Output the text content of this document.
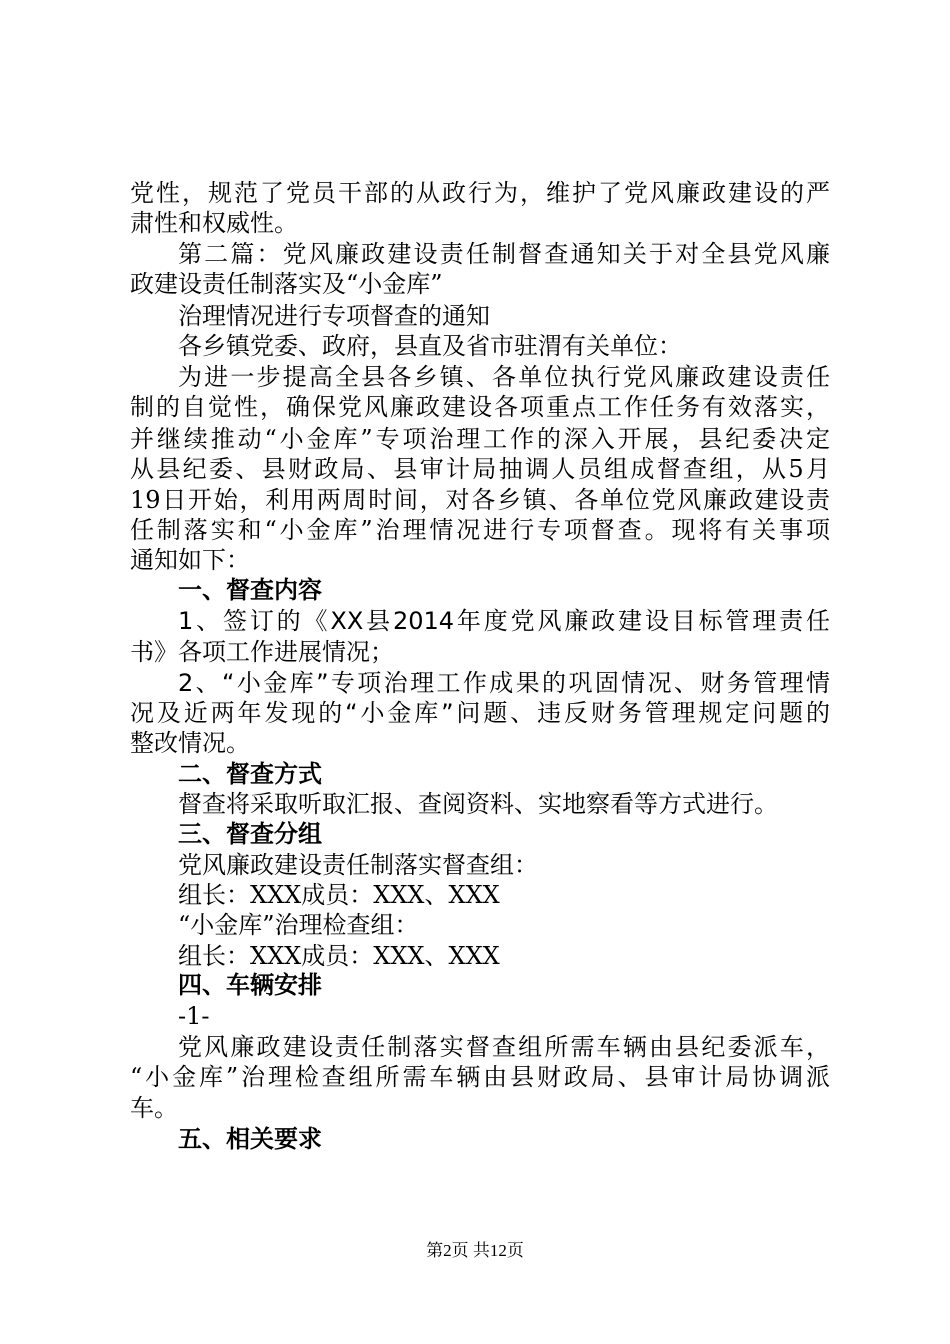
党性，规范了党员干部的从政行为，维护了党风廉政建设的严
肃性和权威性。
第二篇：党风廉政建设责任制督查通知关于对全县党风廉
政建设责任制落实及“小金库”
治理情况进行专项督查的通知
各乡镇党委、政府，县直及省市驻渭有关单位：
为进一步提高全县各乡镇、各单位执行党风廉政建设责任
制的自觉性，确保党风廉政建设各项重点工作任务有效落实，
并继续推动“小金库”专项治理工作的深入开展，县纪委决定
从县纪委、县财政局、县审计局抽调人员组成督查组，从5月
19日开始，利用两周时间，对各乡镇、各单位党风廉政建设责
任制落实和“小金库”治理情况进行专项督查。现将有关事项
通知如下：
一、督查内容
1、签订的《XX县2014年度党风廉政建设目标管理责任
书》各项工作进展情况；
2、“小金库”专项治理工作成果的巩固情况、财务管理情
况及近两年发现的“小金库”问题、违反财务管理规定问题的
整改情况。
二、督查方式
督查将采取听取汇报、查阅资料、实地察看等方式进行。
三、督查分组
党风廉政建设责任制落实督查组：
组长：XXX成员：XXX、XXX
“小金库”治理检查组：
组长：XXX成员：XXX、XXX
四、车辆安排
-1-
党风廉政建设责任制落实督查组所需车辆由县纪委派车，
“小金库”治理检查组所需车辆由县财政局、县审计局协调派
车。
五、相关要求
第2页 共12页
